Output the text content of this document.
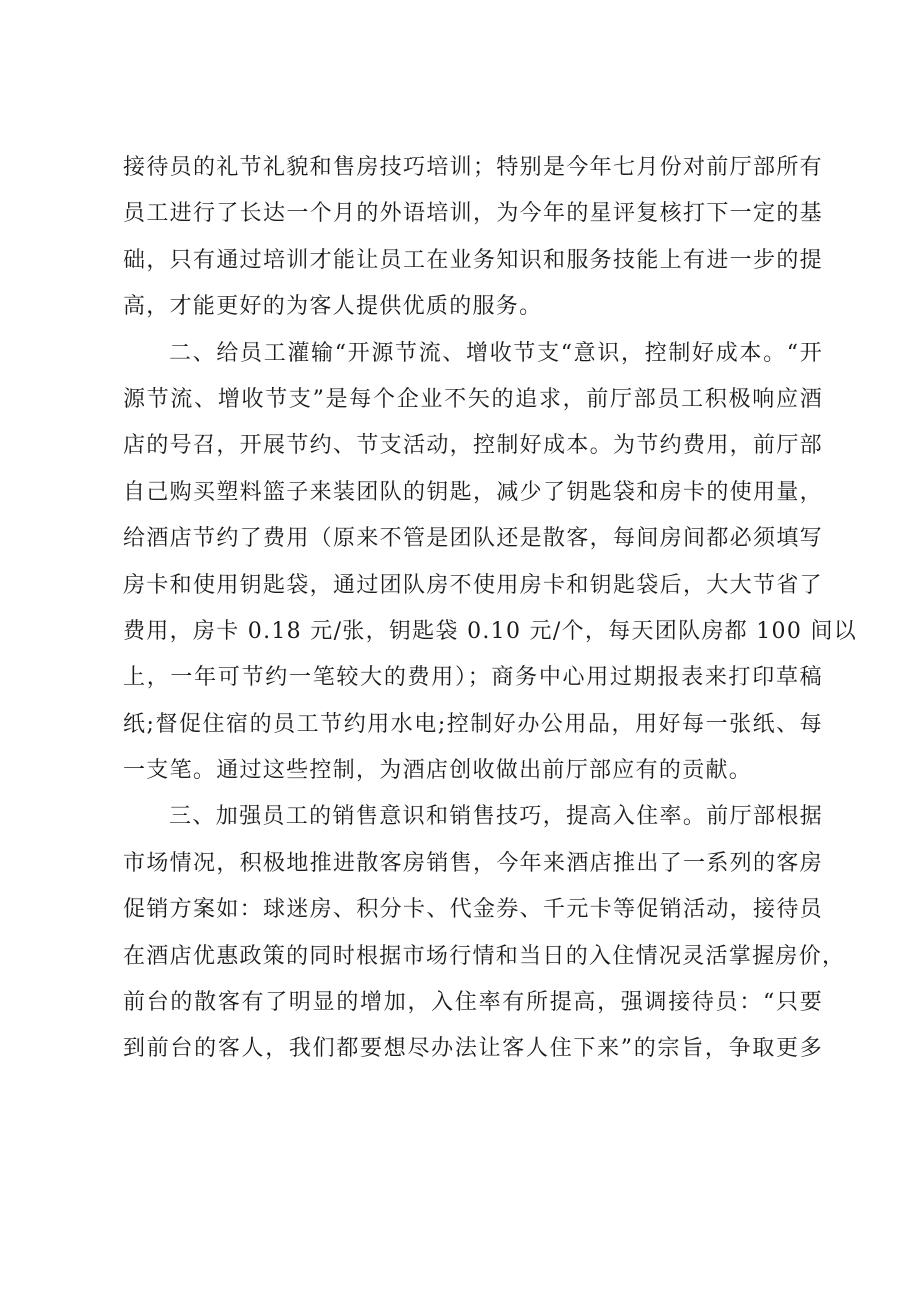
接待员的礼节礼貌和售房技巧培训；特别是今年七月份对前厅部所有
员工进行了长达一个月的外语培训，为今年的星评复核打下一定的基
础，只有通过培训才能让员工在业务知识和服务技能上有进一步的提
高，才能更好的为客人提供优质的服务。
二、给员工灌输“开源节流、增收节支“意识，控制好成本。“开
源节流、增收节支”是每个企业不矢的追求，前厅部员工积极响应酒
店的号召，开展节约、节支活动，控制好成本。为节约费用，前厅部
自己购买塑料篮子来装团队的钥匙，减少了钥匙袋和房卡的使用量，
给酒店节约了费用（原来不管是团队还是散客，每间房间都必须填写
房卡和使用钥匙袋，通过团队房不使用房卡和钥匙袋后，大大节省了
费用，房卡 0.18 元/张，钥匙袋 0.10 元/个，每天团队房都 100 间以
上，一年可节约一笔较大的费用）；商务中心用过期报表来打印草稿
纸;督促住宿的员工节约用水电;控制好办公用品，用好每一张纸、每
一支笔。通过这些控制，为酒店创收做出前厅部应有的贡献。
三、加强员工的销售意识和销售技巧，提高入住率。前厅部根据
市场情况，积极地推进散客房销售，今年来酒店推出了一系列的客房
促销方案如：球迷房、积分卡、代金券、千元卡等促销活动，接待员
在酒店优惠政策的同时根据市场行情和当日的入住情况灵活掌握房价，
前台的散客有了明显的增加，入住率有所提高，强调接待员：“只要
到前台的客人，我们都要想尽办法让客人住下来”的宗旨，争取更多
